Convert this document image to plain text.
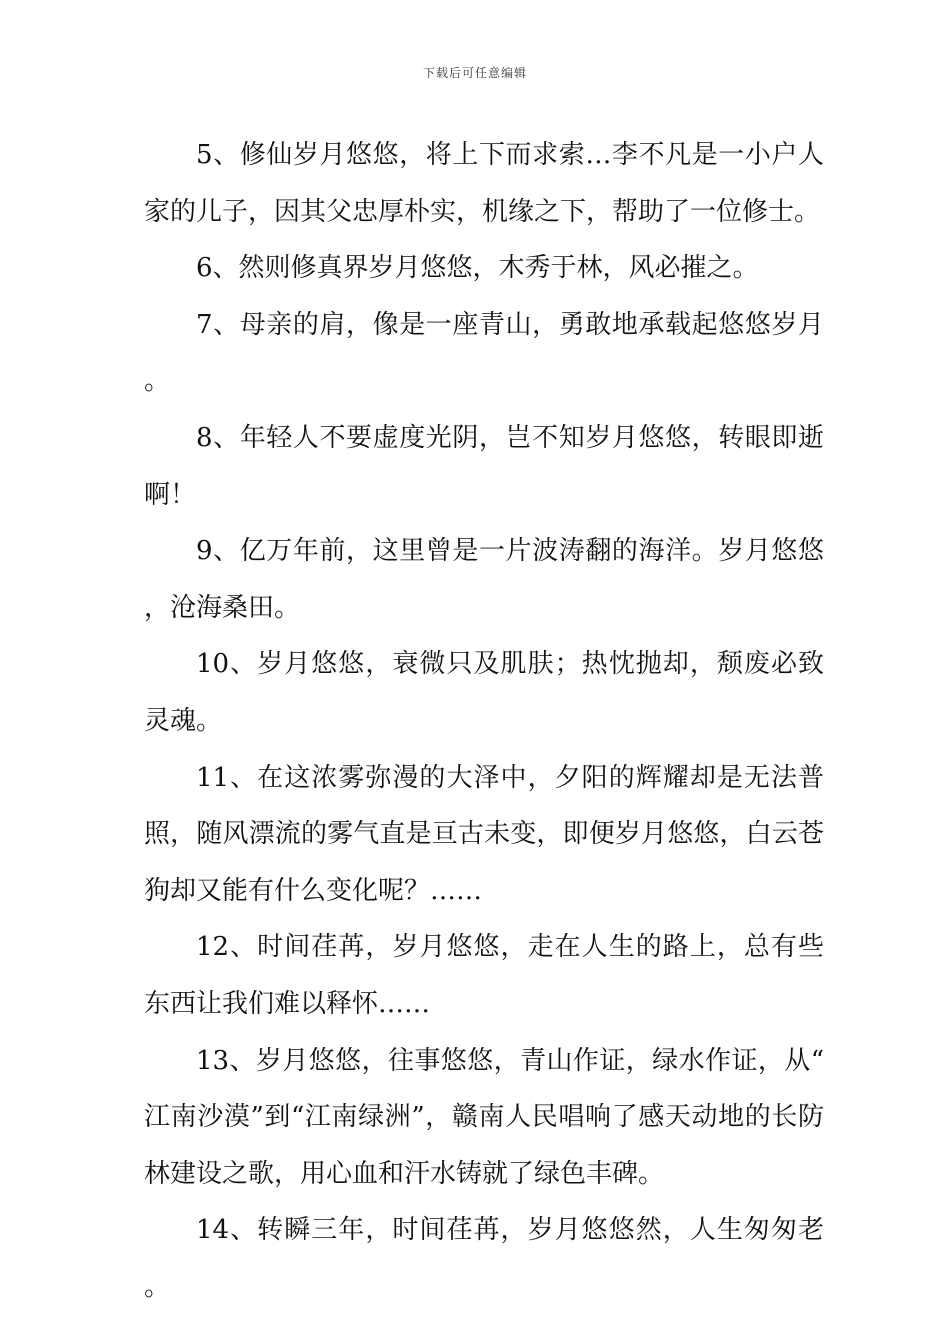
下载后可任意编辑

5、修仙岁月悠悠，将上下而求索…李不凡是一小户人家的儿子，因其父忠厚朴实，机缘之下，帮助了一位修士。

6、然则修真界岁月悠悠，木秀于林，风必摧之。

7、母亲的肩，像是一座青山，勇敢地承载起悠悠岁月。

8、年轻人不要虚度光阴，岂不知岁月悠悠，转眼即逝啊！

9、亿万年前，这里曾是一片波涛翻的海洋。岁月悠悠，沧海桑田。

10、岁月悠悠，衰微只及肌肤；热忱抛却，颓废必致灵魂。

11、在这浓雾弥漫的大泽中，夕阳的辉耀却是无法普照，随风漂流的雾气直是亘古未变，即便岁月悠悠，白云苍狗却又能有什么变化呢？……

12、时间荏苒，岁月悠悠，走在人生的路上，总有些东西让我们难以释怀……

13、岁月悠悠，往事悠悠，青山作证，绿水作证，从“江南沙漠”到“江南绿洲”，赣南人民唱响了感天动地的长防林建设之歌，用心血和汗水铸就了绿色丰碑。

14、转瞬三年，时间荏苒，岁月悠悠然，人生匆匆老。
